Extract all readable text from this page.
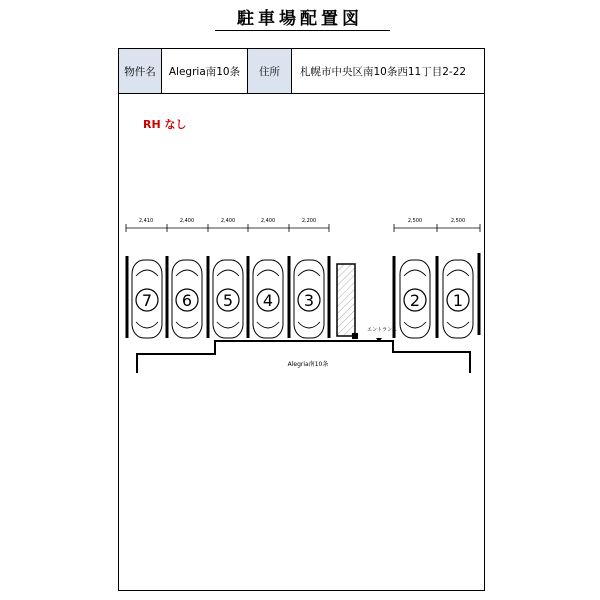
駐車場配置図
物件名	Alegria南10条	住所	札幌市中央区南10条西11丁目2-22
RH なし
2,410	2,400	2,400	2,400	2,200	2,500	2,500
7 6 5 4 3	2 1
エントランス
Alegria南10条
